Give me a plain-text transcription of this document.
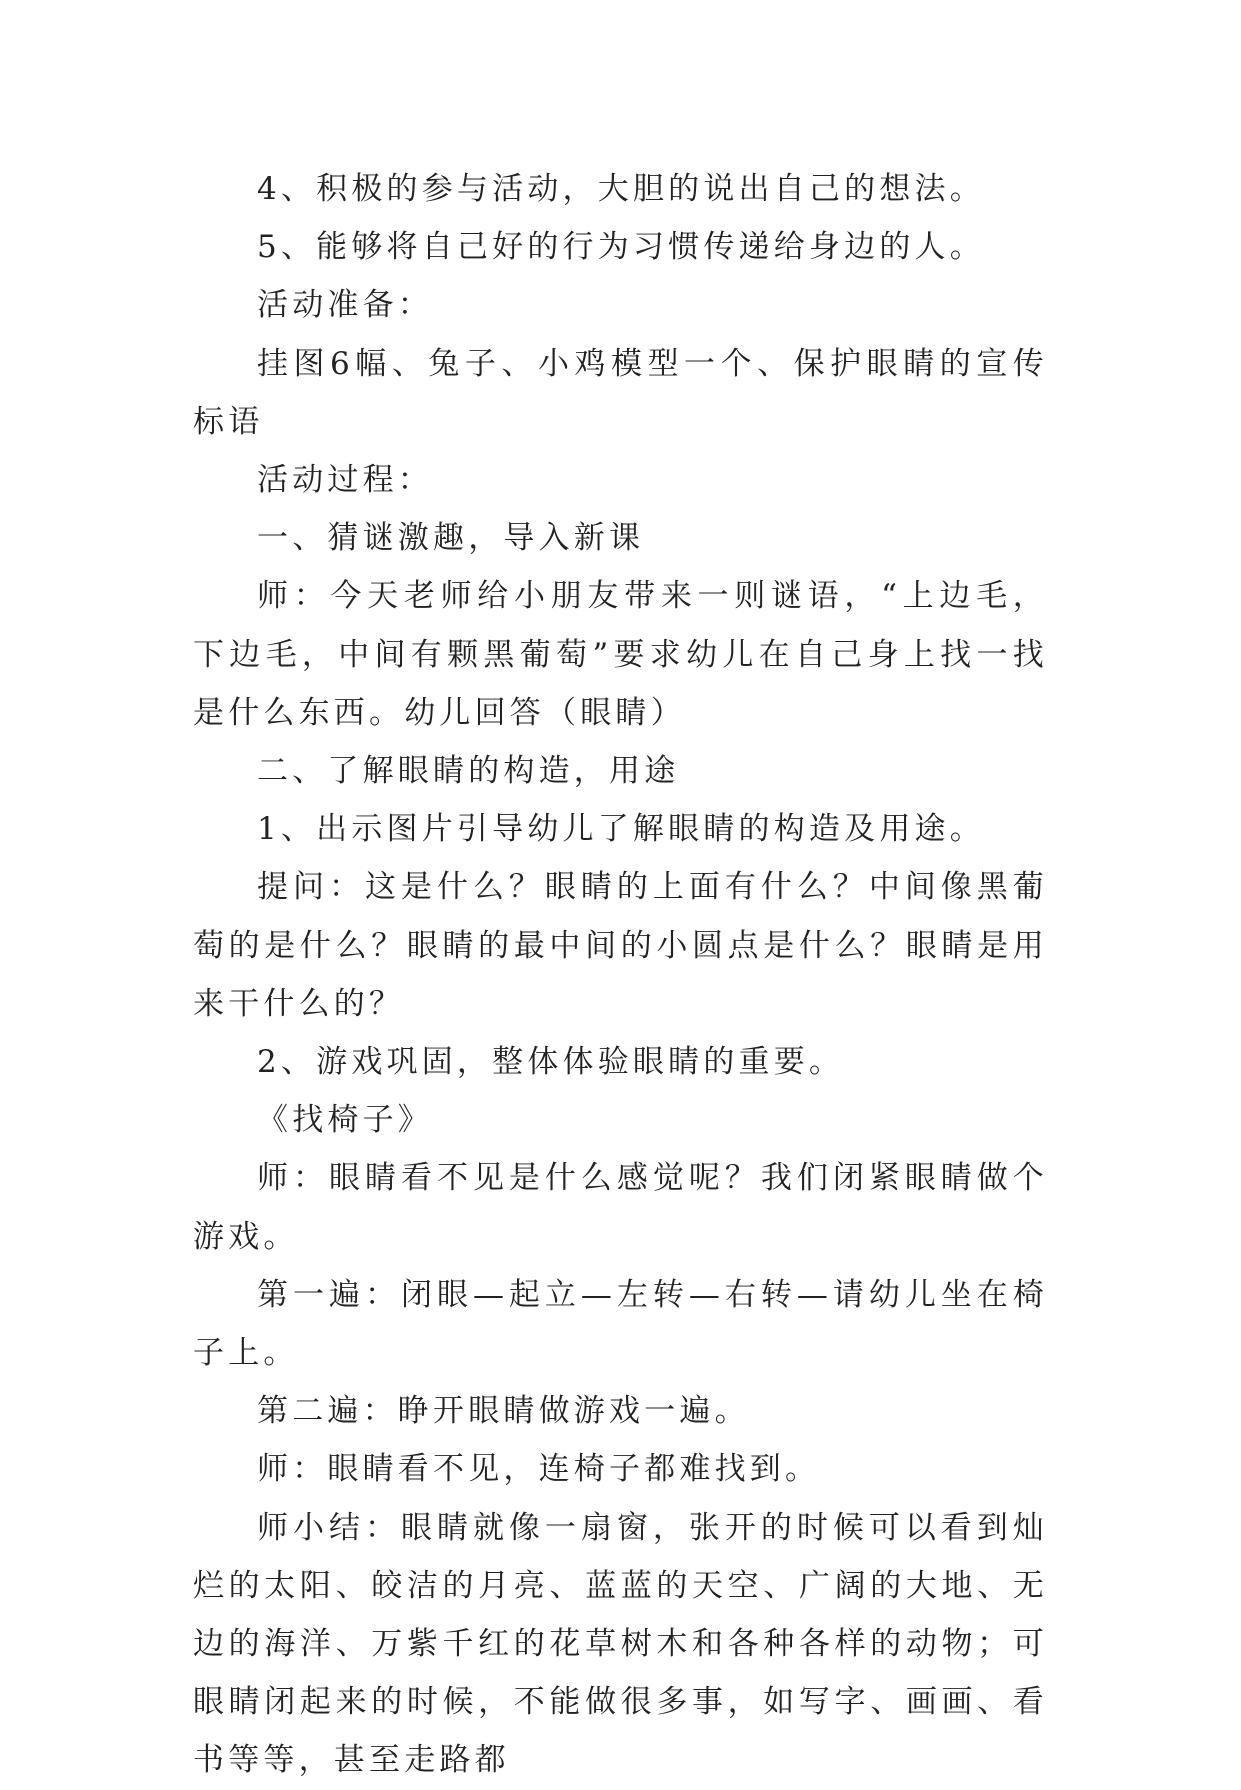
4、积极的参与活动，大胆的说出自己的想法。

5、能够将自己好的行为习惯传递给身边的人。

活动准备：

挂图6幅、兔子、小鸡模型一个、保护眼睛的宣传标语

活动过程：

一、猜谜激趣，导入新课

师：今天老师给小朋友带来一则谜语，“上边毛，下边毛，中间有颗黑葡萄”要求幼儿在自己身上找一找是什么东西。幼儿回答（眼睛）

二、了解眼睛的构造，用途

1、出示图片引导幼儿了解眼睛的构造及用途。

提问：这是什么？眼睛的上面有什么？中间像黑葡萄的是什么？眼睛的最中间的小圆点是什么？眼睛是用来干什么的？

2、游戏巩固，整体体验眼睛的重要。

《找椅子》

师：眼睛看不见是什么感觉呢？我们闭紧眼睛做个游戏。

第一遍：闭眼—起立—左转—右转—请幼儿坐在椅子上。

第二遍：睁开眼睛做游戏一遍。

师：眼睛看不见，连椅子都难找到。

师小结：眼睛就像一扇窗，张开的时候可以看到灿烂的太阳、皎洁的月亮、蓝蓝的天空、广阔的大地、无边的海洋、万紫千红的花草树木和各种各样的动物；可眼睛闭起来的时候，不能做很多事，如写字、画画、看书等等，甚至走路都
